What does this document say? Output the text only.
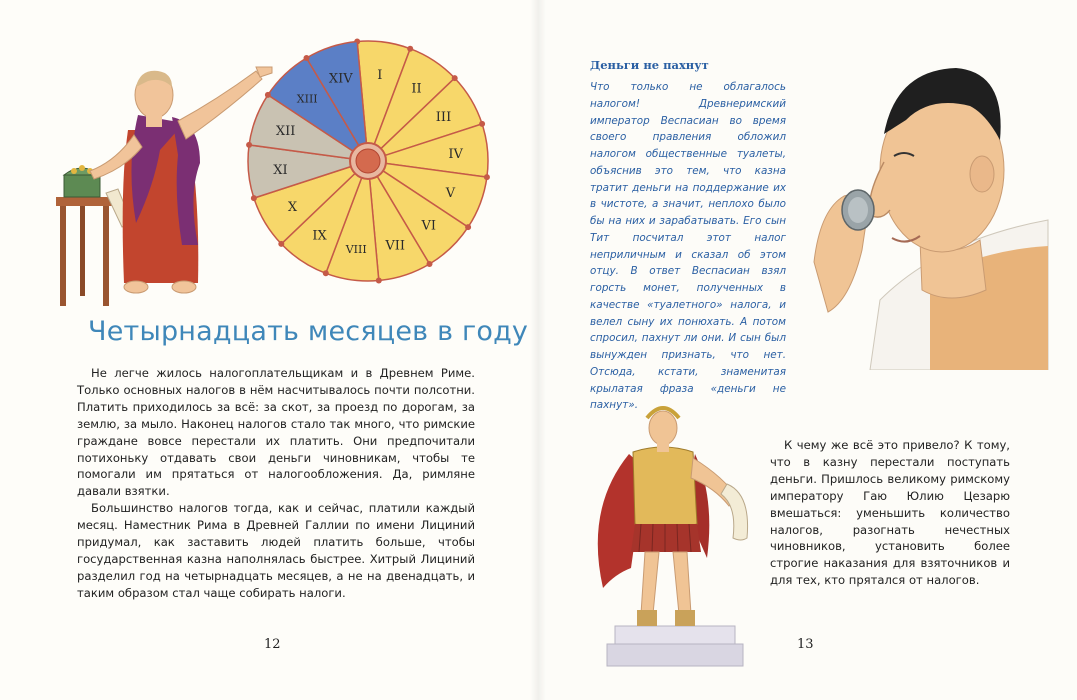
I
II
III
IV
V
VI
VII
VIII
IX
X
XI
XII
XIII
XIV
Четырнадцать месяцев в году

Не легче жилось налогоплательщикам и в Древнем Риме. Только основных налогов в нём насчитывалось почти полсотни. Платить приходилось за всё: за скот, за проезд по дорогам, за землю, за мыло. Наконец налогов стало так много, что римские граждане вовсе перестали их платить. Они предпочитали потихоньку отдавать свои деньги чиновникам, чтобы те помогали им прятаться от налогообложения. Да, римляне давали взятки.

Большинство налогов тогда, как и сейчас, платили каждый месяц. Наместник Рима в Древней Галлии по имени Лициний придумал, как заставить людей платить больше, чтобы государственная казна наполнялась быстрее. Хитрый Лициний разделил год на четырнадцать месяцев, а не на двенадцать, и таким образом стал чаще собирать налоги.

12
Деньги не пахнут

Что только не облагалось налогом! Древнеримский император Веспасиан во время своего правления обложил налогом общественные туалеты, объяснив это тем, что казна тратит деньги на поддержание их в чистоте, а значит, неплохо было бы на них и зарабатывать. Его сын Тит посчитал этот налог неприличным и сказал об этом отцу. В ответ Веспасиан взял горсть монет, полученных в качестве «туалетного» налога, и велел сыну их понюхать. А потом спросил, пахнут ли они. И сын был вынужден признать, что нет. Отсюда, кстати, знаменитая крылатая фраза «деньги не пахнут».

К чему же всё это привело? К тому, что в казну перестали поступать деньги. Пришлось великому римскому императору Гаю Юлию Цезарю вмешаться: уменьшить количество налогов, разогнать нечестных чиновников, установить более строгие наказания для взяточников и для тех, кто прятался от налогов.

13
